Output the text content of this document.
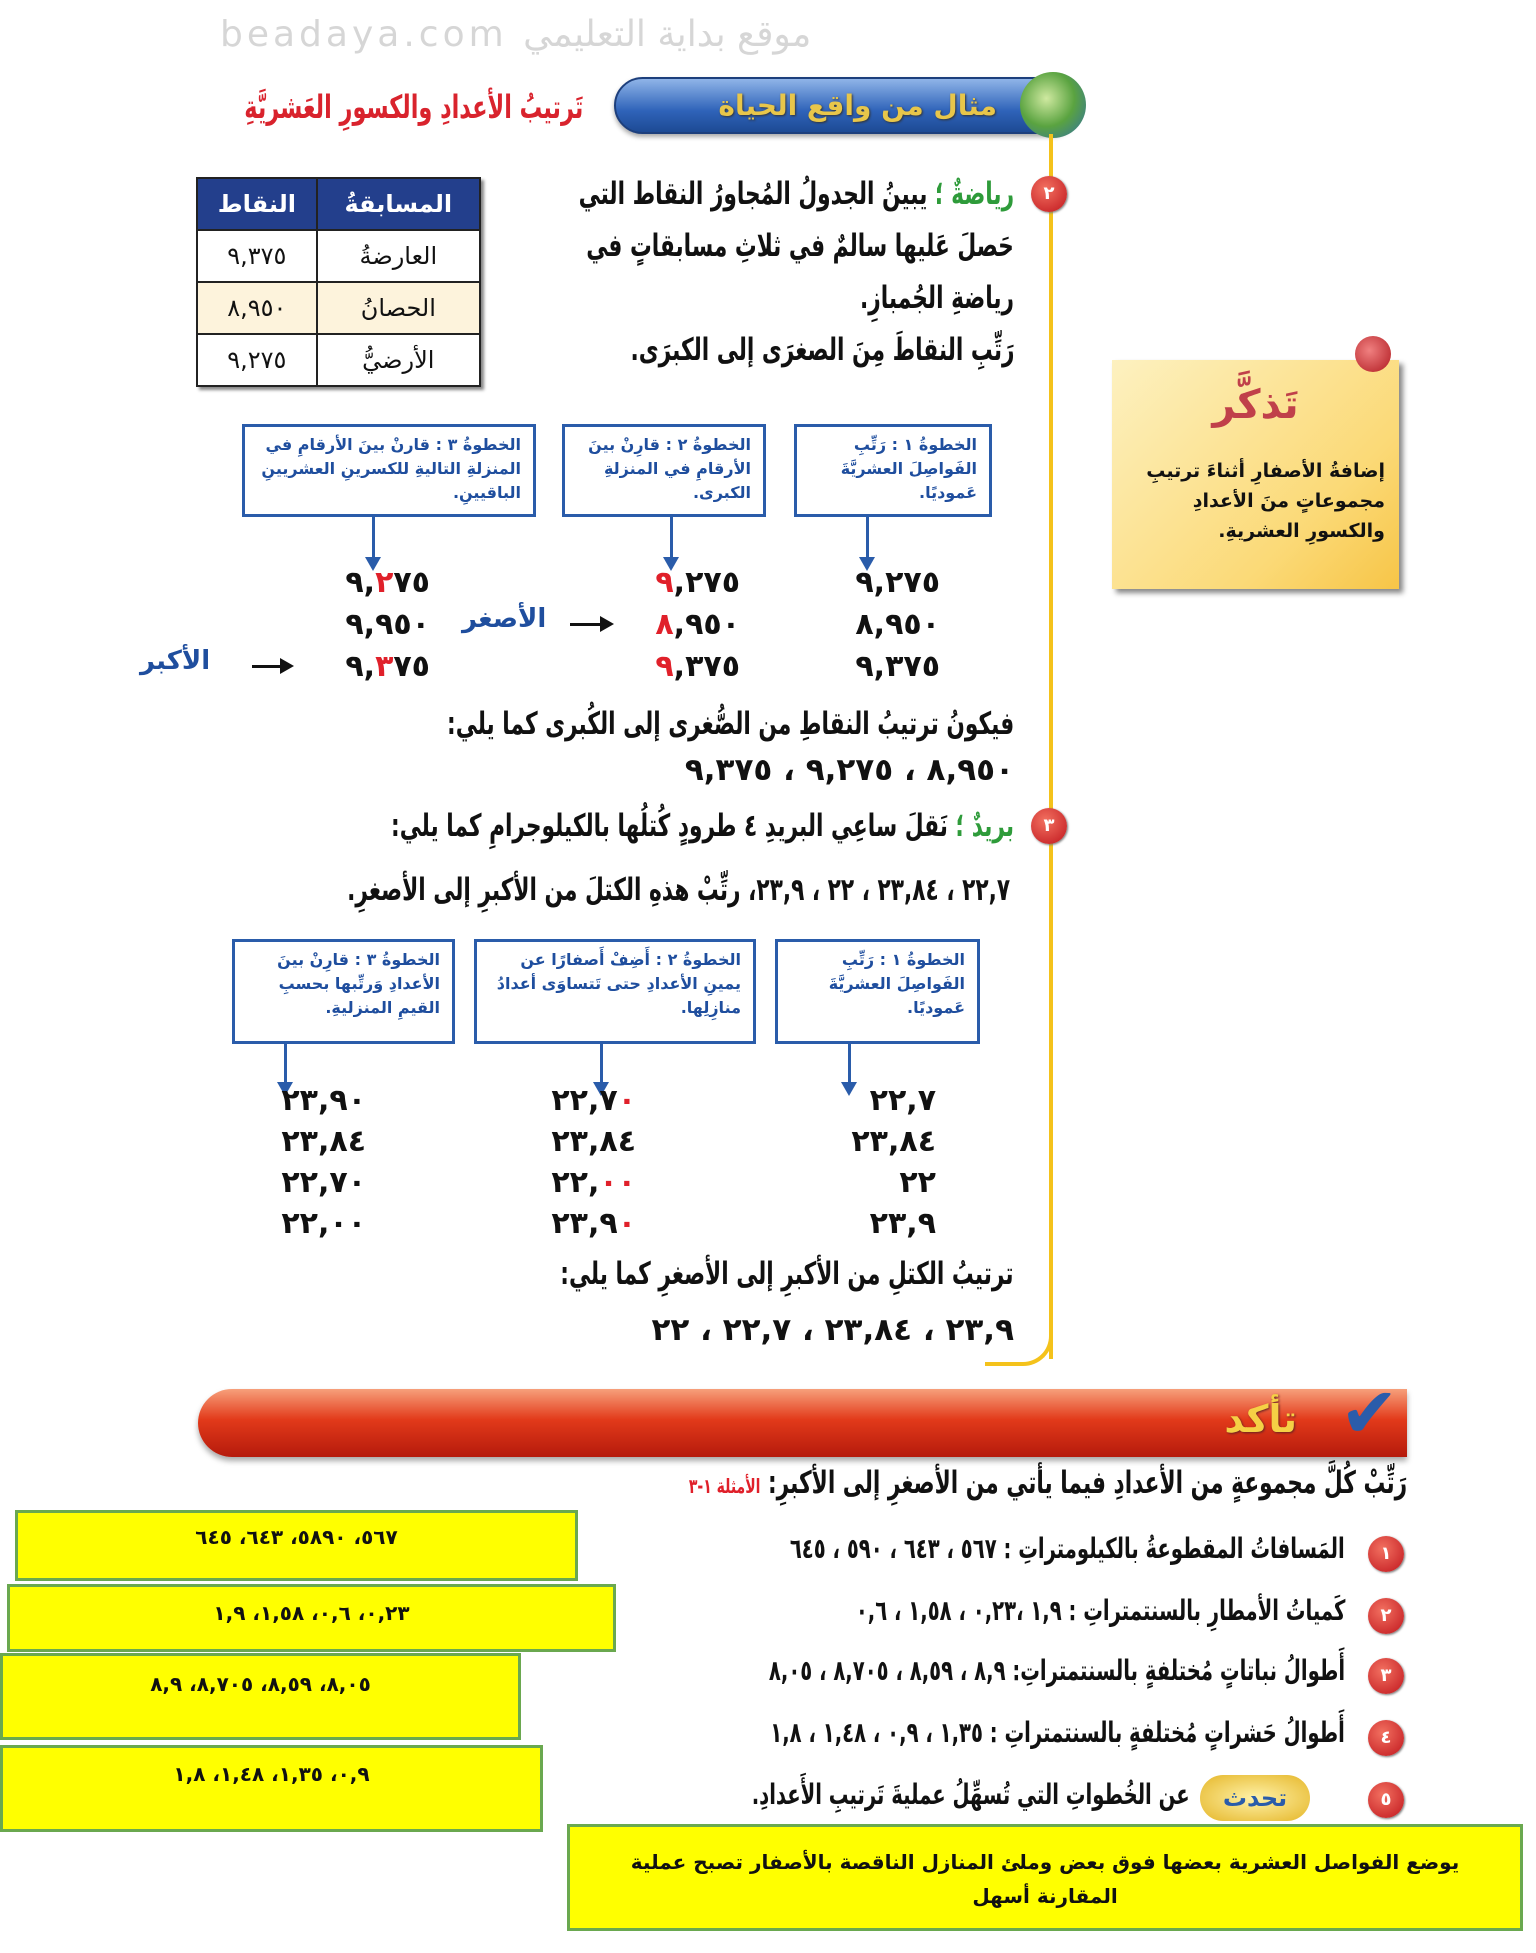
beadaya.com موقع بداية التعليمي
مثال من واقع الحياة
تَرتيبُ الأعدادِ والكسورِ العَشريَّةِ
المسابقةُ	النقاط
العارضةُ	٩,٣٧٥
الحصانُ	٨,٩٥٠
الأرضيُّ	٩,٢٧٥
٢
رياضةٌ ؛ يبينُ الجدولُ المُجاورُ النقاط التي
حَصلَ عَليها سالمٌ في ثلاثِ مسابقاتٍ في
رياضةِ الجُمبازِ.
رَتِّبِ النقاطَ مِنَ الصغرَى إلى الكبرَى.
الخطوةُ ١ : رَتِّبِ الفَواصِلَ العشريَّةَ عَموديًا.
الخطوةُ ٢ : قارِنْ بينَ الأرقامِ في المنزلةِ الكبرى.
الخطوةُ ٣ : قارنْ بينَ الأرقامِ في المنزلةِ التاليةِ للكسرينِ العشريينِ الباقيينِ.
٩,٢٧٥
٨,٩٥٠
٩,٣٧٥
٩,٢٧٥
٨,٩٥٠
٩,٣٧٥
٩,٢٧٥
٩,٩٥٠
٩,٣٧٥
الأصغر
الأكبر
فيكونُ ترتيبُ النقاطِ من الصُّغرى إلى الكُبرى كما يلي:
٨,٩٥٠ ، ٩,٢٧٥ ، ٩,٣٧٥
تَذكَّر
إضافةُ الأصفارِ أثناءَ ترتيبِ مجموعاتٍ منَ الأعدادِ والكسورِ العشريةِ.
٣
بريدٌ ؛ نَقلَ ساعِي البريدِ ٤ طرودٍ كُتلُها بالكيلوجرامِ كما يلي:
٢٢,٧ ، ٢٣,٨٤ ، ٢٢ ، ٢٣,٩، رتِّبْ هذهِ الكتلَ من الأكبرِ إلى الأصغرِ.
الخطوةُ ١ : رَتِّبِ الفَواصِلَ العشريَّةَ عَموديًا.
الخطوةُ ٢ : أَضِفْ أَصفارًا عن يمينِ الأعدادِ حتى تَتساوَى أعدادُ منازِلِها.
الخطوةُ ٣ : قارِنْ بينَ الأعدادِ وَرتِّبها بحسبِ القيمِ المنزليةِ.
٢٢,٧
٢٣,٨٤
٢٢
٢٣,٩
٢٢,٧٠
٢٣,٨٤
٢٢,٠٠
٢٣,٩٠
٢٣,٩٠
٢٣,٨٤
٢٢,٧٠
٢٢,٠٠
ترتيبُ الكتلِ من الأكبرِ إلى الأصغرِ كما يلي:
٢٣,٩ ، ٢٣,٨٤ ، ٢٢,٧ ، ٢٢
تأكد ✔
رَتِّبْ كُلَّ مجموعةٍ من الأعدادِ فيما يأتي من الأصغرِ إلى الأكبرِ: الأمثلة ١-٣
١
المَسافاتُ المقطوعةُ بالكيلومتراتِ : ٥٦٧ ، ٦٤٣ ، ٥٩٠ ، ٦٤٥
٢
كَمياتُ الأمطارِ بالسنتمتراتِ : ١,٩ ،٠,٢٣ ، ١,٥٨ ، ٠,٦
٣
أَطوالُ نباتاتٍ مُختلفةٍ بالسنتمتراتِ: ٨,٩ ، ٨,٥٩ ، ٨,٧٠٥ ، ٨,٠٥
٤
أَطوالُ حَشراتٍ مُختلفةٍ بالسنتمتراتِ : ١,٣٥ ، ٠,٩ ، ١,٤٨ ، ١,٨
٥
تحدث
عن الخُطواتِ التي تُسهِّلُ عمليةَ تَرتيبِ الأَعدادِ.
٥٦٧، ٥٨٩٠، ٦٤٣، ٦٤٥
٠,٢٣، ٠,٦، ١,٥٨، ١,٩
٨,٠٥، ٨,٥٩، ٨,٧٠٥، ٨,٩
٠,٩، ١,٣٥، ١,٤٨، ١,٨
يوضع الفواصل العشرية بعضها فوق بعض وملئ المنازل الناقصة بالأصفار تصبح عملية المقارنة أسهل
